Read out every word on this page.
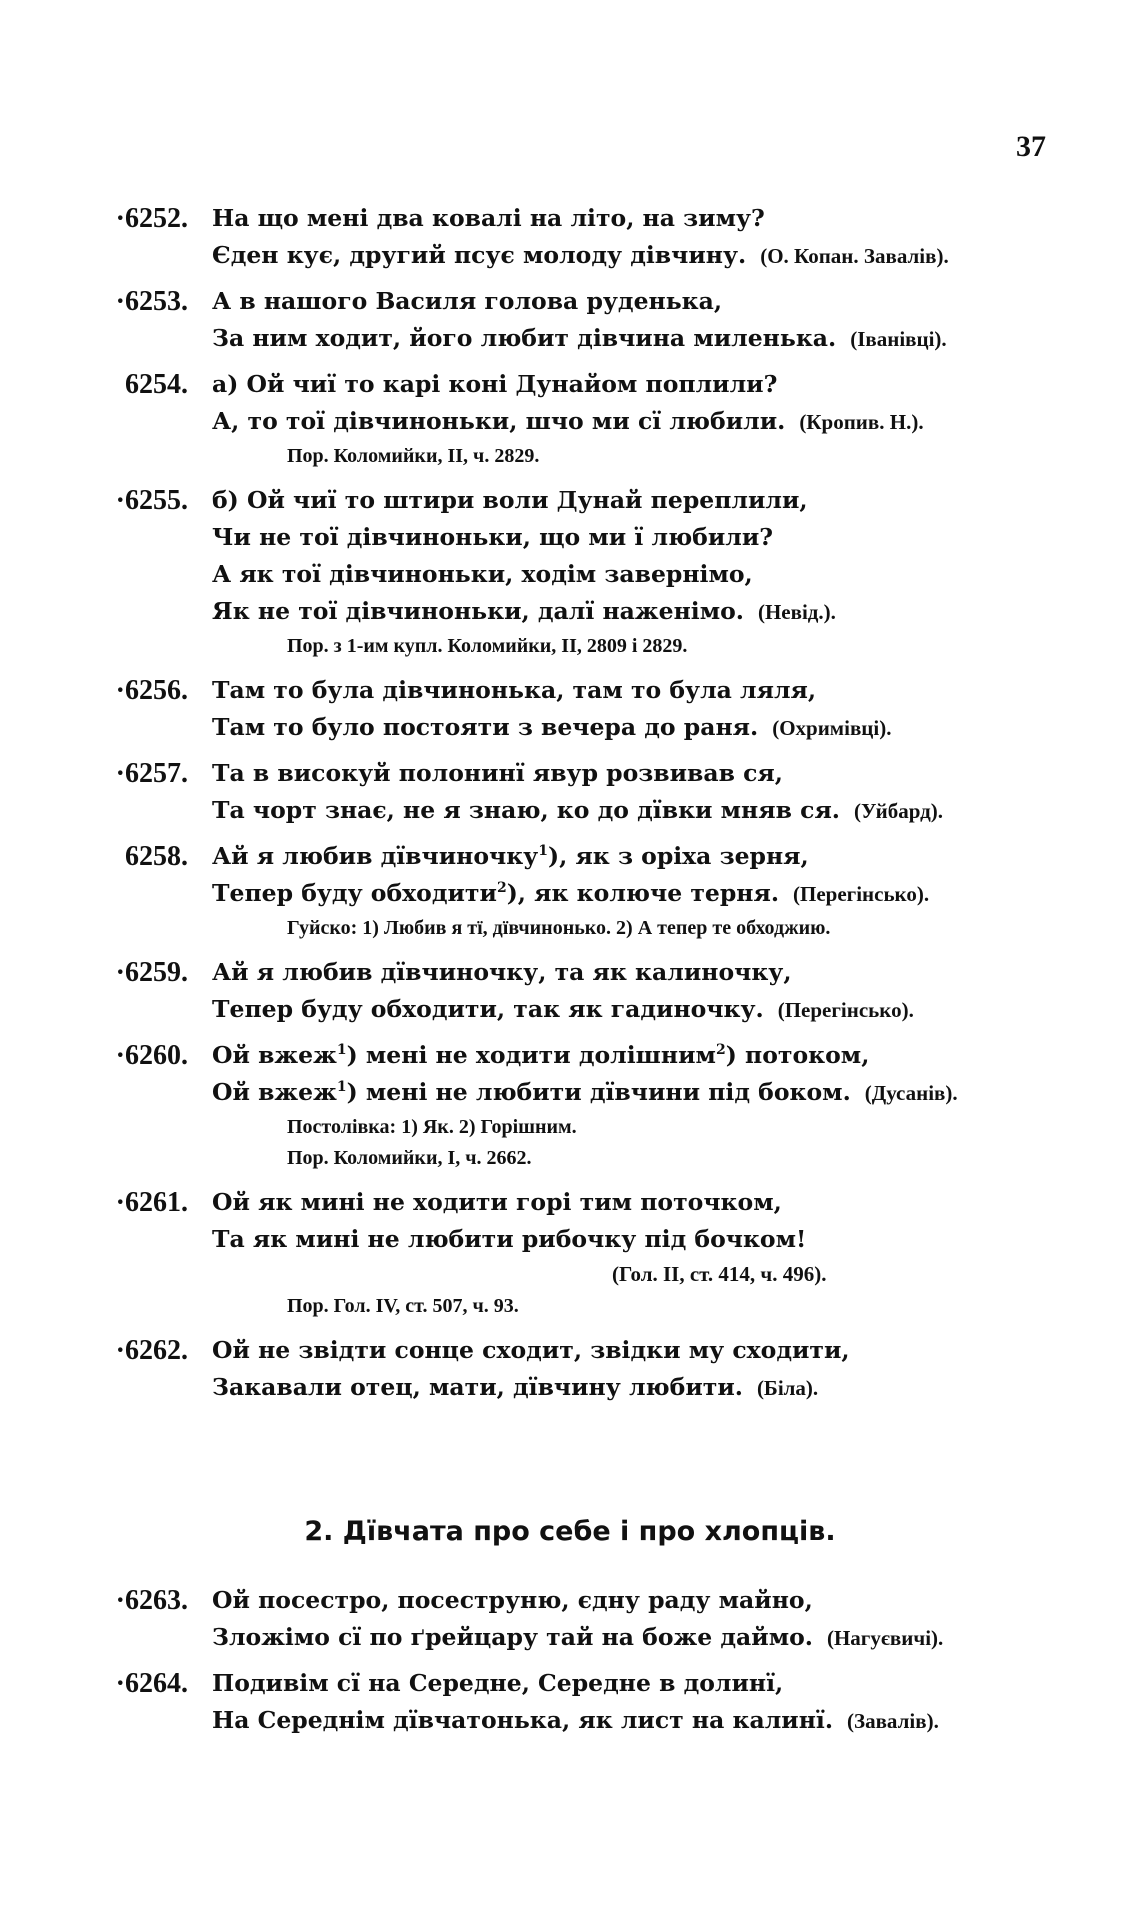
37
·6252. На що мені два ковалі на літо, на зиму?
Єден кує, другий псує молоду дівчину. (О. Копан. Завалів).
·6253. А в нашого Василя голова руденька,
За ним ходит, його любит дівчина миленька. (Іванівці).
6254. а) Ой чиї то карі коні Дунайом поплили?
А, то тої дівчиноньки, шчо ми сї любили. (Кропив. Н.).
Пор. Коломийки, II, ч. 2829.
·6255. б) Ой чиї то штири воли Дунай переплили,
Чи не тої дівчиноньки, що ми ї любили?
А як тої дівчиноньки, ходім завернімо,
Як не тої дівчиноньки, далї наженімо. (Невід.).
Пор. з 1-им купл. Коломийки, II, 2809 і 2829.
·6256. Там то була дівчинонька, там то була ляля,
Там то було постояти з вечера до раня. (Охримівці).
·6257. Та в високуй полонинї явур розвивав ся,
Та чорт знає, не я знаю, ко до дївки мняв ся. (Уйбард).
6258. Ай я любив дївчиночку$^1$), як з оріха зерня,
Тепер буду обходити$^2$), як колюче терня. (Перегінсько).
Гуйско: 1) Любив я тї, дївчинонько. 2) А тепер те обходжию.
·6259. Ай я любив дївчиночку, та як калиночку,
Тепер буду обходити, так як гадиночку. (Перегінсько).
·6260. Ой вжеж$^1$) мені не ходити долішним$^2$) потоком,
Ой вжеж$^1$) мені не любити дївчини під боком. (Дусанів).
Постолівка: 1) Як. 2) Горішним.
Пор. Коломийки, I, ч. 2662.
·6261. Ой як мині не ходити горі тим поточком,
Та як мині не любити рибочку під бочком!
(Гол. II, ст. 414, ч. 496).
Пор. Гол. IV, ст. 507, ч. 93.
·6262. Ой не звідти сонце сходит, звідки му сходити,
Закавали отец, мати, дївчину любити. (Біла).
2. Дївчата про себе і про хлопців.
·6263. Ой посестро, посеструню, єдну раду майно,
Зложімо сї по ґрейцару тай на боже даймо. (Нагуєвичі).
·6264. Подивім сї на Середне, Середне в долинї,
На Середнім дївчатонька, як лист на калинї. (Завалів).
